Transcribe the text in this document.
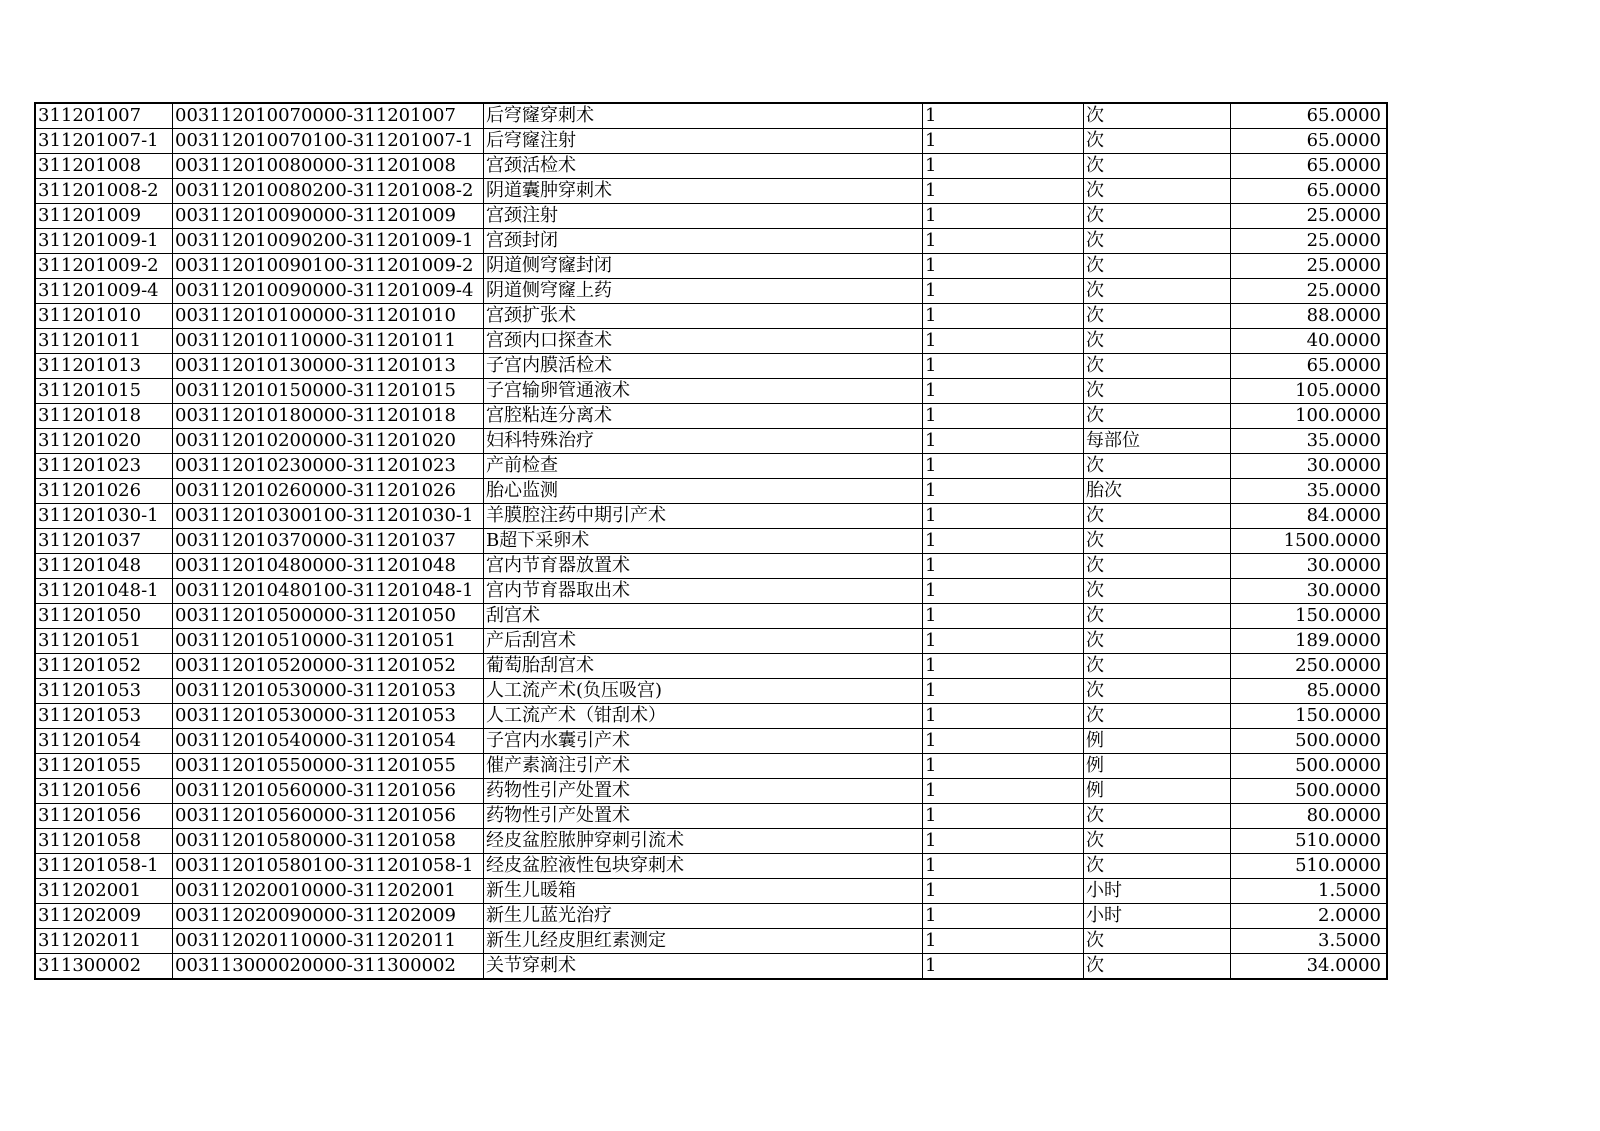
311201007	003112010070000-311201007	后穹窿穿刺术	1	次	65.0000
311201007-1	003112010070100-311201007-1	后穹窿注射	1	次	65.0000
311201008	003112010080000-311201008	宫颈活检术	1	次	65.0000
311201008-2	003112010080200-311201008-2	阴道囊肿穿刺术	1	次	65.0000
311201009	003112010090000-311201009	宫颈注射	1	次	25.0000
311201009-1	003112010090200-311201009-1	宫颈封闭	1	次	25.0000
311201009-2	003112010090100-311201009-2	阴道侧穹窿封闭	1	次	25.0000
311201009-4	003112010090000-311201009-4	阴道侧穹窿上药	1	次	25.0000
311201010	003112010100000-311201010	宫颈扩张术	1	次	88.0000
311201011	003112010110000-311201011	宫颈内口探查术	1	次	40.0000
311201013	003112010130000-311201013	子宫内膜活检术	1	次	65.0000
311201015	003112010150000-311201015	子宫输卵管通液术	1	次	105.0000
311201018	003112010180000-311201018	宫腔粘连分离术	1	次	100.0000
311201020	003112010200000-311201020	妇科特殊治疗	1	每部位	35.0000
311201023	003112010230000-311201023	产前检查	1	次	30.0000
311201026	003112010260000-311201026	胎心监测	1	胎次	35.0000
311201030-1	003112010300100-311201030-1	羊膜腔注药中期引产术	1	次	84.0000
311201037	003112010370000-311201037	B超下采卵术	1	次	1500.0000
311201048	003112010480000-311201048	宫内节育器放置术	1	次	30.0000
311201048-1	003112010480100-311201048-1	宫内节育器取出术	1	次	30.0000
311201050	003112010500000-311201050	刮宫术	1	次	150.0000
311201051	003112010510000-311201051	产后刮宫术	1	次	189.0000
311201052	003112010520000-311201052	葡萄胎刮宫术	1	次	250.0000
311201053	003112010530000-311201053	人工流产术(负压吸宫)	1	次	85.0000
311201053	003112010530000-311201053	人工流产术（钳刮术）	1	次	150.0000
311201054	003112010540000-311201054	子宫内水囊引产术	1	例	500.0000
311201055	003112010550000-311201055	催产素滴注引产术	1	例	500.0000
311201056	003112010560000-311201056	药物性引产处置术	1	例	500.0000
311201056	003112010560000-311201056	药物性引产处置术	1	次	80.0000
311201058	003112010580000-311201058	经皮盆腔脓肿穿刺引流术	1	次	510.0000
311201058-1	003112010580100-311201058-1	经皮盆腔液性包块穿刺术	1	次	510.0000
311202001	003112020010000-311202001	新生儿暖箱	1	小时	1.5000
311202009	003112020090000-311202009	新生儿蓝光治疗	1	小时	2.0000
311202011	003112020110000-311202011	新生儿经皮胆红素测定	1	次	3.5000
311300002	003113000020000-311300002	关节穿刺术	1	次	34.0000
